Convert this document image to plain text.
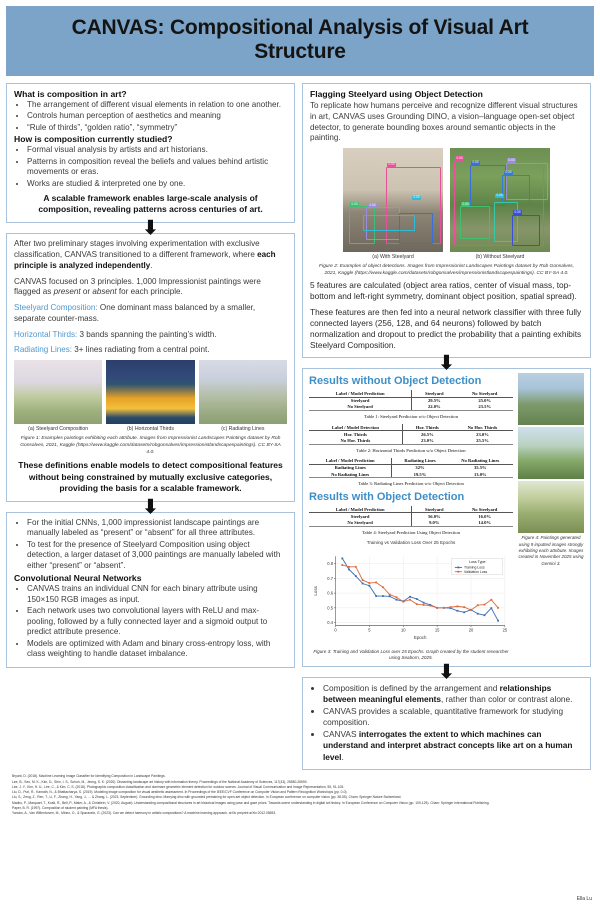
CANVAS: Compositional Analysis of Visual Art Structure
What is composition in art?
• The arrangement of different visual elements in relation to one another.
• Controls human perception of aesthetics and meaning
• “Rule of thirds”, “golden ratio”, “symmetry”
How is composition currently studied?
• Formal visual analysis by artists and art historians.
• Patterns in composition reveal the beliefs and values behind artistic movements or eras.
• Works are studied & interpreted one by one.
A scalable framework enables large-scale analysis of composition, revealing patterns across centuries of art.
⬇

After two preliminary stages involving experimentation with exclusive classification, CANVAS transitioned to a different framework, where each principle is analyzed independently.

CANVAS focused on 3 principles. 1,000 Impressionist paintings were flagged as present or absent for each principle.

Steelyard Composition: One dominant mass balanced by a smaller, separate counter-mass.

Horizontal Thirds: 3 bands spanning the painting’s width.

Radiating Lines: 3+ lines radiating from a central point.

(a) Steelyard Composition	(b) Horizontal Thirds	(c) Radiating Lines
Figure 1: Examples paintings exhibiting each attribute. Images from Impressionist Landscapes Paintings dataset by Rob Gonsalves, 2021, Kaggle (https://www.kaggle.com/datasets/robgonsalves/impressionistlandscapespaintings). CC BY-SA 4.0.
These definitions enable models to detect compositional features without being constrained by mutually exclusive categories, providing the basis for a scalable framework.
⬇
• For the initial CNNs, 1,000 impressionist landscape paintings are manually labeled as “present” or “absent” for all three attributes.
• To test for the presence of Steelyard Composition using object detection, a larger dataset of 3,000 paintings are manually labeled with either “present” or “absent”.
Convolutional Neural Networks
• CANVAS trains an individual CNN for each binary attribute using 150×150 RGB images as input.
• Each network uses two convolutional layers with ReLU and max-pooling, followed by a fully connected layer and a sigmoid output to predict attribute presence.
• Models are optimized with Adam and binary cross-entropy loss, with class weighting to handle dataset imbalance.
Flagging Steelyard using Object Detection

To replicate how humans perceive and recognize different visual structures in art, CANVAS uses Grounding DINO, a vision–language open-set object detector, to generate bounding boxes around semantic objects in the painting.

0.00
0.00	0.00
0.00
0.00
0.00
0.00
0.00
0.00
0.00
0.00
(a) With Steelyard	(b) Without Steelyard
Figure 2: Examples of object detections. Images from Impressionist Landscapes Paintings dataset by Rob Gonsalves, 2021, Kaggle (https://www.kaggle.com/datasets/robgonsalves/impressionistlandscapespaintings). CC BY-SA 4.0.

5 features are calculated (object area ratios, center of visual mass, top-bottom and left-right symmetry, dominant object position, spatial spread).

These features are then fed into a neural network classifier with three fully connected layers (256, 128, and 64 neurons) followed by batch normalization and dropout to predict the probability that a painting exhibits Steelyard Composition.

⬇
Results without Object Detection
Label / Model Prediction	Steelyard	No Steelyard
Steelyard	29.5%	25.0%
No Steelyard	22.0%	23.5%
Table 1: Steelyard Prediction w/o Object Detection
Label / Model Detection	Hor. Thirds	No Hor. Thirds
Hor. Thirds	26.5%	23.0%
No Hor. Thirds	23.0%	25.5%
Table 2: Horizontal Thirds Prediction w/o Object Detection
Label / Model Prediction	Radiating Lines	No Radiating Lines
Radiating Lines	32%	35.5%
No Radiating Lines	19.5%	13.0%
Table 3: Radiating Lines Prediction w/o Object Detection
Results with Object Detection
Label / Model Prediction	Steelyard	No Steelyard
Steelyard	56.0%	16.0%
No Steelyard	9.0%	14.0%
Table 4: Steelyard Prediction Using Object Detection
Training vs Validation Loss Over 25 Epochs
0.4
0.5
0.6
0.7
0.8
0	5	10	15	20	25
Epoch
Loss
Loss Type
Training Loss
Validation Loss
Figure 3: Training and Validation Loss over 25 Epochs. Graph created by the student researcher using Seaborn, 2025.
Figure 4: Paintings generated using 9 inputted images strongly exhibiting each attribute. Images created in November 2025 using Gemini 3.
⬇
• Composition is defined by the arrangement and relationships between meaningful elements, rather than color or contrast alone.
• CANVAS provides a scalable, quantitative framework for studying composition.
• CANVAS interrogates the extent to which machines can understand and interpret abstract concepts like art on a human level.
Bryant, D. (2018). Machine Learning Image Classifier for Identifying Composition in Landscape Paintings.
Lee, B., Seo, M. K., Kim, D., Shin, I. S., Schuh, M., Jeong, S. K. (2020). Dissecting landscape art history with information theory. Proceedings of the National Academy of Sciences, 117(43), 26580-26590.
Lee, J. Y., Kim, H. U., Lee, C., & Kim, C. S. (2018). Photographic composition classification and dominant geometric element detection for outdoor scenes. Journal of Visual Communication and Image Representation, 55, 91-105.
Liu, D., Puri, R., Kamath, N., & Bhattacharya, S. (2019). Modeling image composition for visual aesthetic assessment. In Proceedings of the IEEE/CVF Conference on Computer Vision and Pattern Recognition Workshops (pp. 0-0).
Liu, S., Zeng, Z., Ren, T., Li, F., Zhang, H., Yang, J., ... & Zhang, L. (2023, September). Grounding dino: Marrying dino with grounded pretraining for open-set object detection. In European conference on computer vision (pp. 38-55). Cham: Springer Nature Switzerland.
Madhu, P., Marquart, T., Kosti, R., Bell, P., Maier, A., & Christlein, V. (2020, August). Understanding compositional structures in art historical images using pose and gaze priors. Towards scene understanding in digital art history. In European Conference on Computer Vision (pp. 109-125). Cham: Springer International Publishing.
Paper, B. R. (1997). Composition of student painting (MFA thesis).
Yandov, A., Van Willenhoven, M., Mineo, O., & Sparavelo, G. (2023). Can we detect harmony in artistic compositions? A machine learning approach. arXiv preprint arXiv:2012.05653.
Ella Lu
